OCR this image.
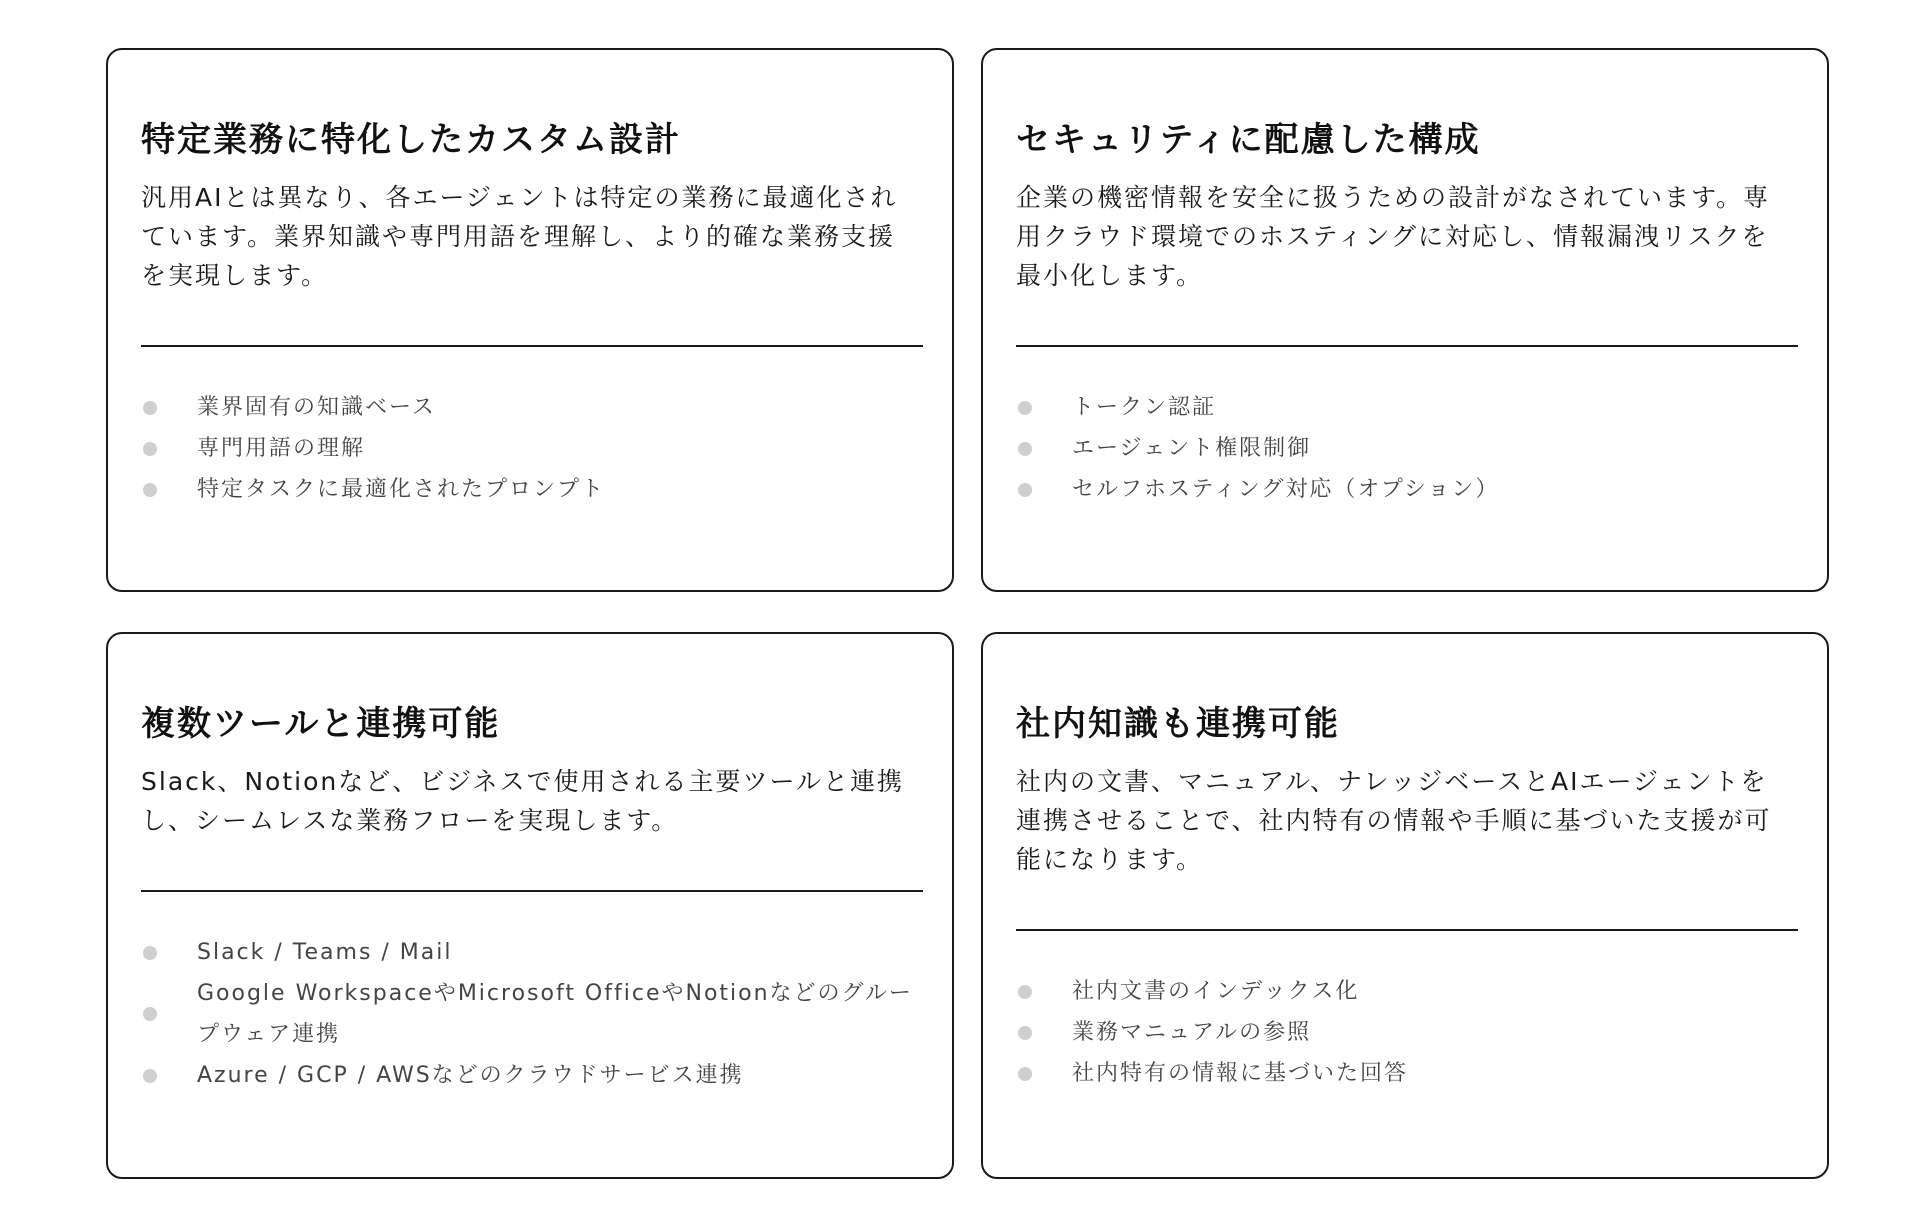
特定業務に特化したカスタム設計

汎用AIとは異なり、各エージェントは特定の業務に最適化されています。業界知識や専門用語を理解し、より的確な業務支援を実現します。

業界固有の知識ベース
専門用語の理解
特定タスクに最適化されたプロンプト
セキュリティに配慮した構成

企業の機密情報を安全に扱うための設計がなされています。専用クラウド環境でのホスティングに対応し、情報漏洩リスクを最小化します。

トークン認証
エージェント権限制御
セルフホスティング対応（オプション）
複数ツールと連携可能

Slack、Notionなど、ビジネスで使用される主要ツールと連携し、シームレスな業務フローを実現します。

Slack / Teams / Mail
Google WorkspaceやMicrosoft OfficeやNotionなどのグループウェア連携
Azure / GCP / AWSなどのクラウドサービス連携
社内知識も連携可能

社内の文書、マニュアル、ナレッジベースとAIエージェントを連携させることで、社内特有の情報や手順に基づいた支援が可能になります。

社内文書のインデックス化
業務マニュアルの参照
社内特有の情報に基づいた回答
